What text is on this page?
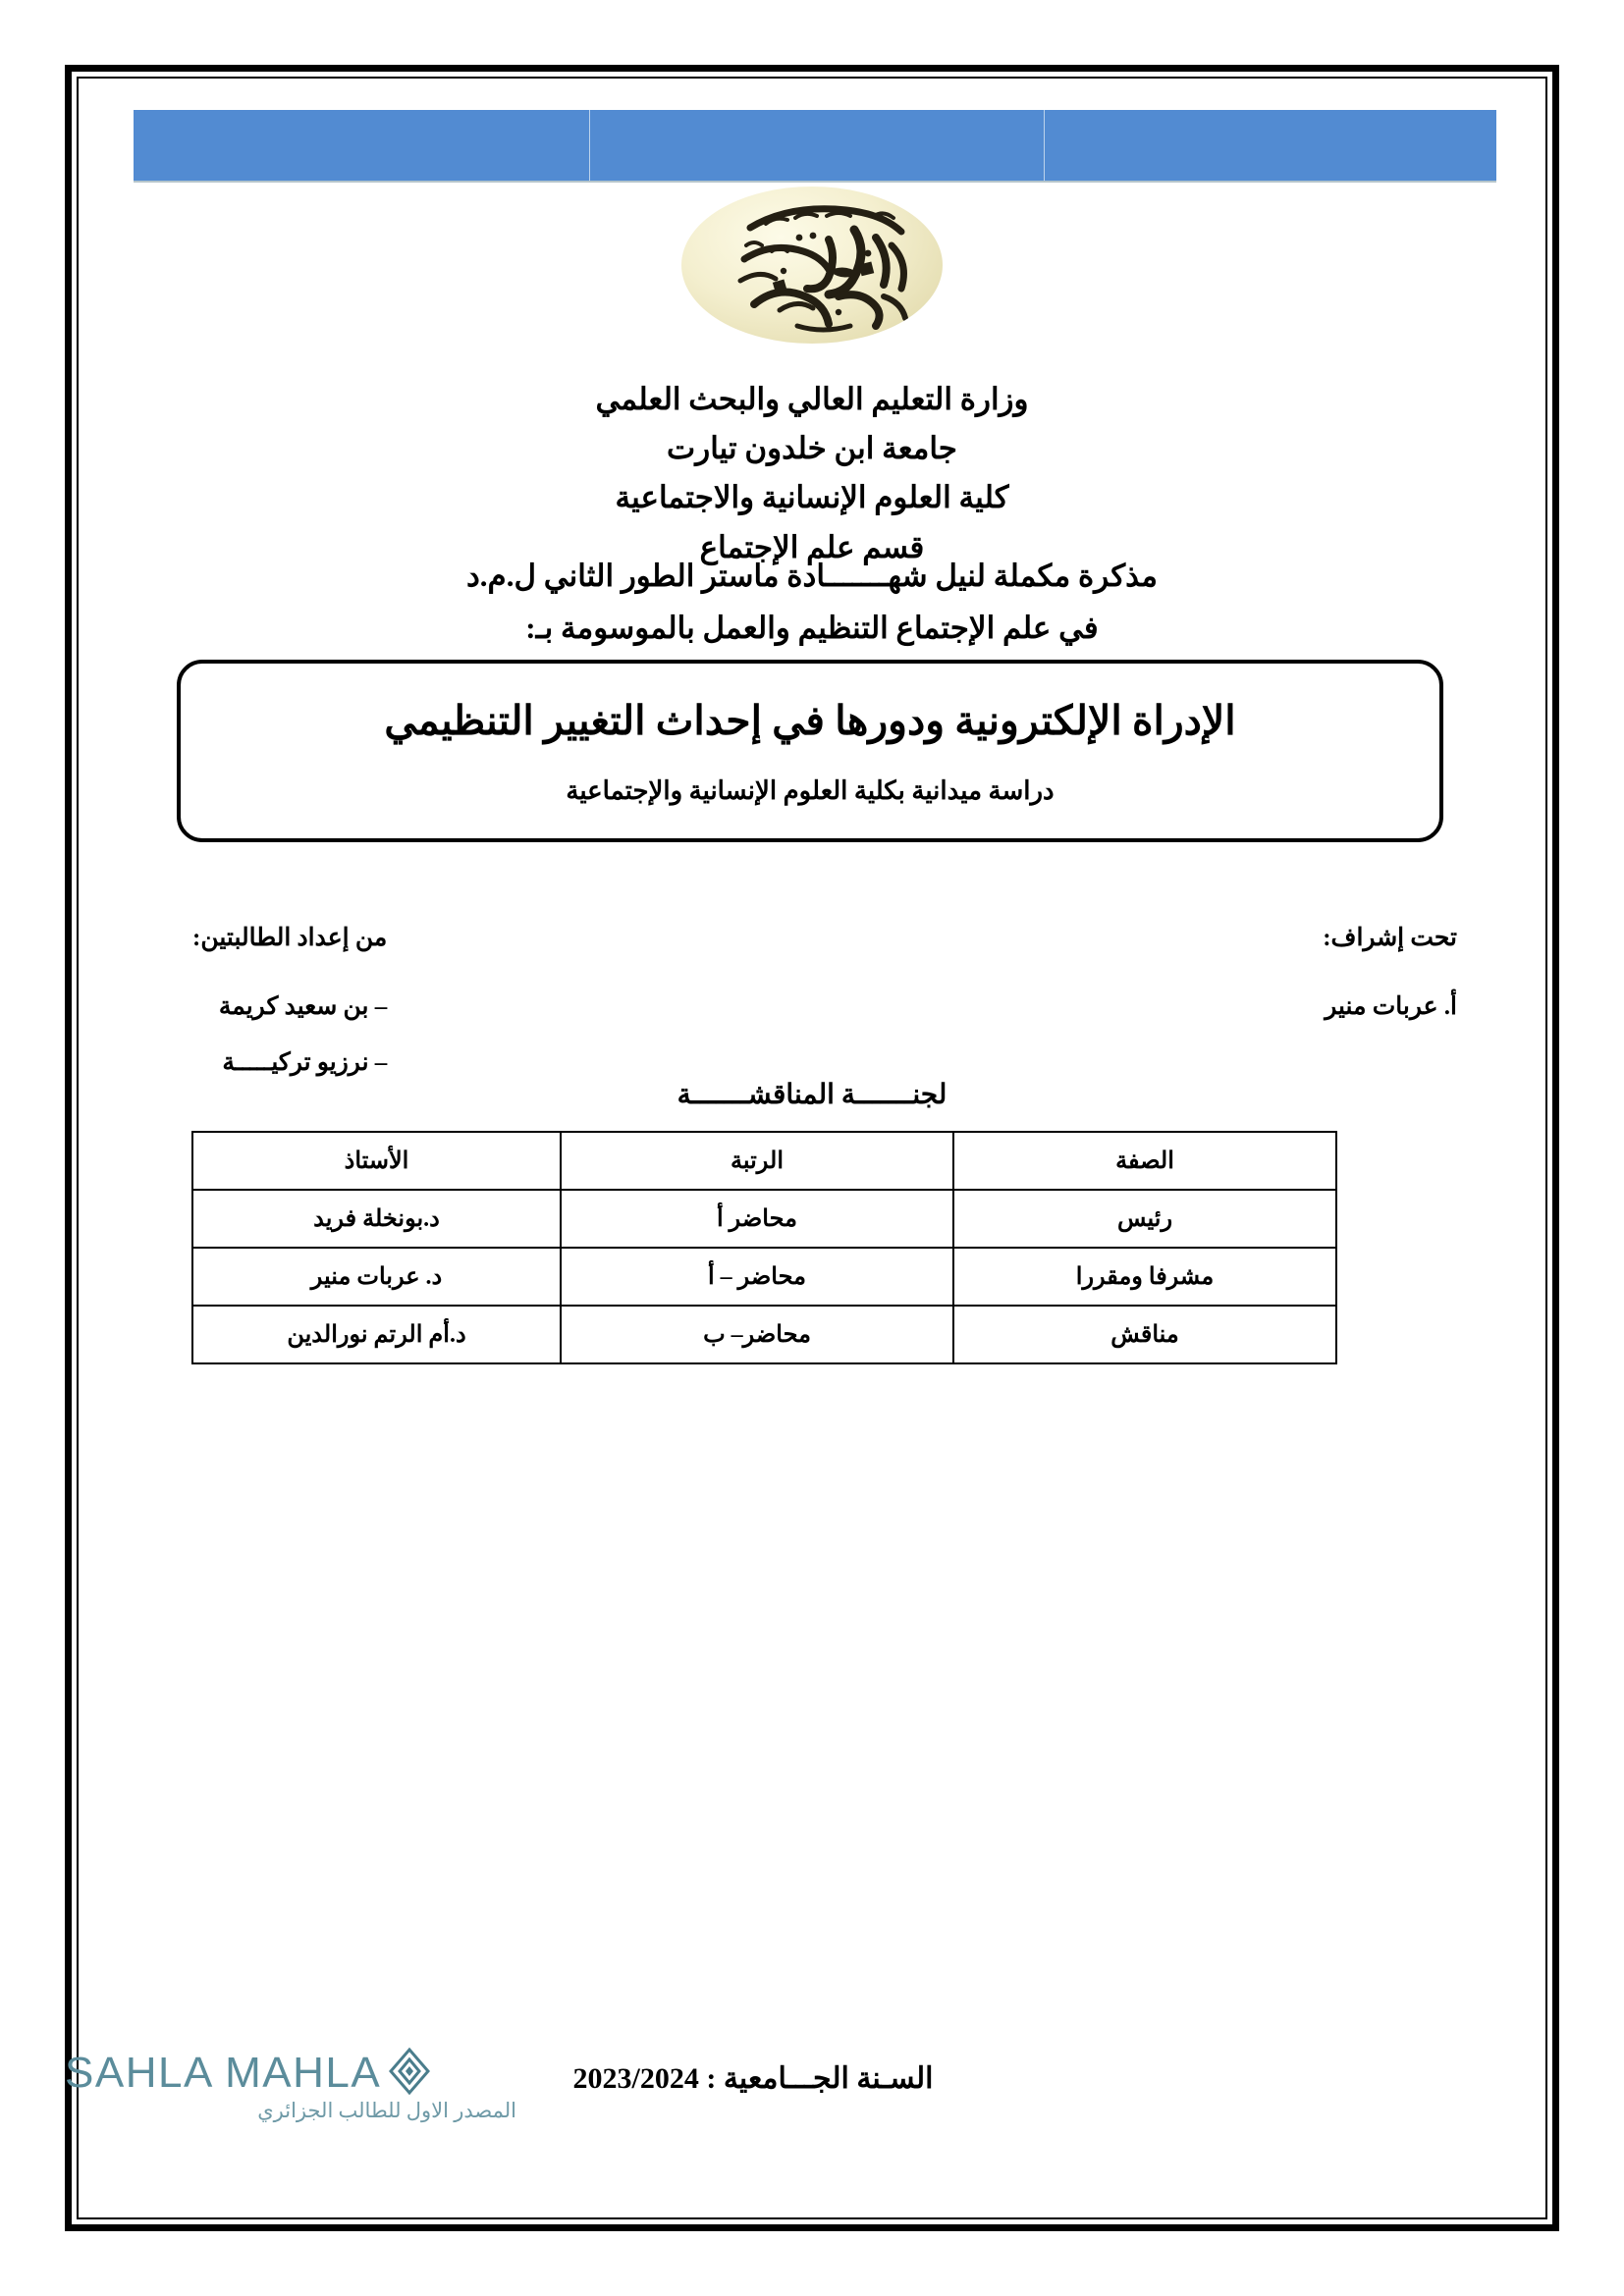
وزارة التعليم العالي والبحث العلمي
جامعة ابن خلدون تيارت
كلية العلوم الإنسانية والاجتماعية
قسم علم الإجتماع
مذكرة مكملة لنيل شهـــــــادة ماستر الطور الثاني ل.م.د
في علم الإجتماع التنظيم والعمل بالموسومة بـ:
الإدراة الإلكترونية ودورها في إحداث التغيير التنظيمي
دراسة ميدانية بكلية العلوم الإنسانية والإجتماعية
تحت إشراف:
أ. عربات منير
من إعداد الطالبتين:
– بن سعيد كريمة
– نرزيو تركيـــــة
لجنـــــــة المناقشـــــــة
الصفة	الرتبة	الأستاذ
رئيس	محاضر أ	د.بونخلة فريد
مشرفا ومقررا	محاضر – أ	د. عربات منير
مناقش	محاضر– ب	د.أم الرتم نورالدين
السـنة الجـــامعية : 2023/2024
SAHLA MAHLA
المصدر الاول للطالب الجزائري
